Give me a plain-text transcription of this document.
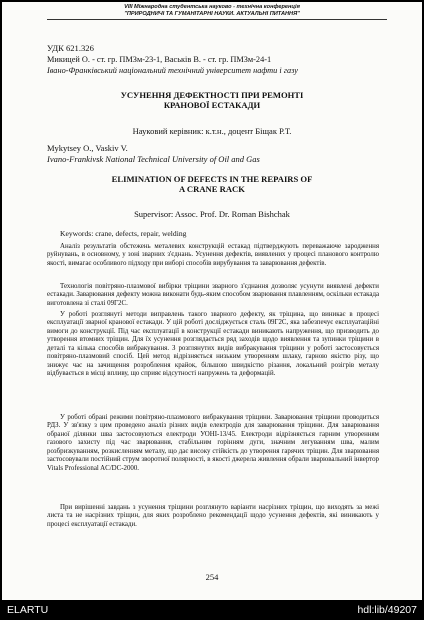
VIII Міжнародна студентська науково - технічна конференція
"ПРИРОДНИЧІ ТА ГУМАНІТАРНІ НАУКИ. АКТУАЛЬНІ ПИТАННЯ"
УДК 621.326
Микицей О. - ст. гр. ПМЗм-23-1, Васьків В. - ст. гр. ПМЗм-24-1
Івано-Франківський національний технічний університет нафти і газу
УСУНЕННЯ ДЕФЕКТНОСТІ ПРИ РЕМОНТІ
КРАНОВОЇ ЕСТАКАДИ
Науковий керівник: к.т.н., доцент Біщак Р.Т.
Mykytsey O., Vaskiv V.
Ivano-Frankivsk National Technical University of Oil and Gas
ELIMINATION OF DEFECTS IN THE REPAIRS OF
A CRANE RACK
Supervisor: Assoc. Prof. Dr. Roman Bishchak
Keywords: crane, defects, repair, welding
Аналіз результатів обстежень металевих конструкцій естакад підтверджують переважаюче зародження руйнувань, в основному, у зоні зварних з'єднань. Усунення дефектів, виявлених у процесі планового контролю якості, вимагає особливого підходу при виборі способів вирубування та заварювання дефектів.
Технологія повітряно-плазмової вибірки тріщини зварного з'єднання дозволяє усунути виявлені дефекти естакади. Заварювання дефекту можна виконати будь-яким способом зварювання плавленням, оскільки естакада виготовлена зі сталі 09Г2С.
У роботі розглянуті методи виправлень такого зварного дефекту, як тріщина, що виникає в процесі експлуатації зварної кранової естакади. У цій роботі досліджується сталь 09Г2С, яка забезпечує експлуатаційні вимоги до конструкції. Під час експлуатації в конструкції естакади виникають напруження, що призводить до утворення втомних тріщин. Для їх усунення розглядається ряд заходів щодо виявлення та зупинки тріщини в деталі та кілька способів вибракування. З розглянутих видів вибракування тріщини у роботі застосовується повітряно-плазмовий спосіб. Цей метод відрізняється низьким утворенням шлаку, гарною якістю різу, що знижує час на зачищення розроблення крайок, більшою швидкістю різання, локальний розігрів металу відбувається в місці впливу, що сприяє відсутності напружень та деформацій.
У роботі обрані режими повітряно-плазмового вибракування тріщини. Заварювання тріщини проводиться РДЗ. У зв'язку з цим проведено аналіз різних видів електродів для заварювання тріщини. Для заварювання обраної ділянки шва застосовуються електроди УОНІ-13/45. Електроди відрізняється гарним утворенням газового захисту під час зварювання, стабільним горінням дуги, значним легуванням шва, малим розбризкуванням, розкисленням металу, що дає високу стійкість до утворення гарячих тріщин. Для зварювання застосовували постійний струм зворотної полярності, в якості джерела живлення обрали зварювальний інвертор Vitals Professional AC/DC-2000.
При вирішенні завдань з усунення тріщини розглянуто варіанти насрізних тріщин, що виходять за межі листа та не насрізних тріщин, для яких розроблено рекомендації щодо усунення дефектів, які виникають у процесі експлуатації естакади.
254
ELARTU	hdl:lib/49207
